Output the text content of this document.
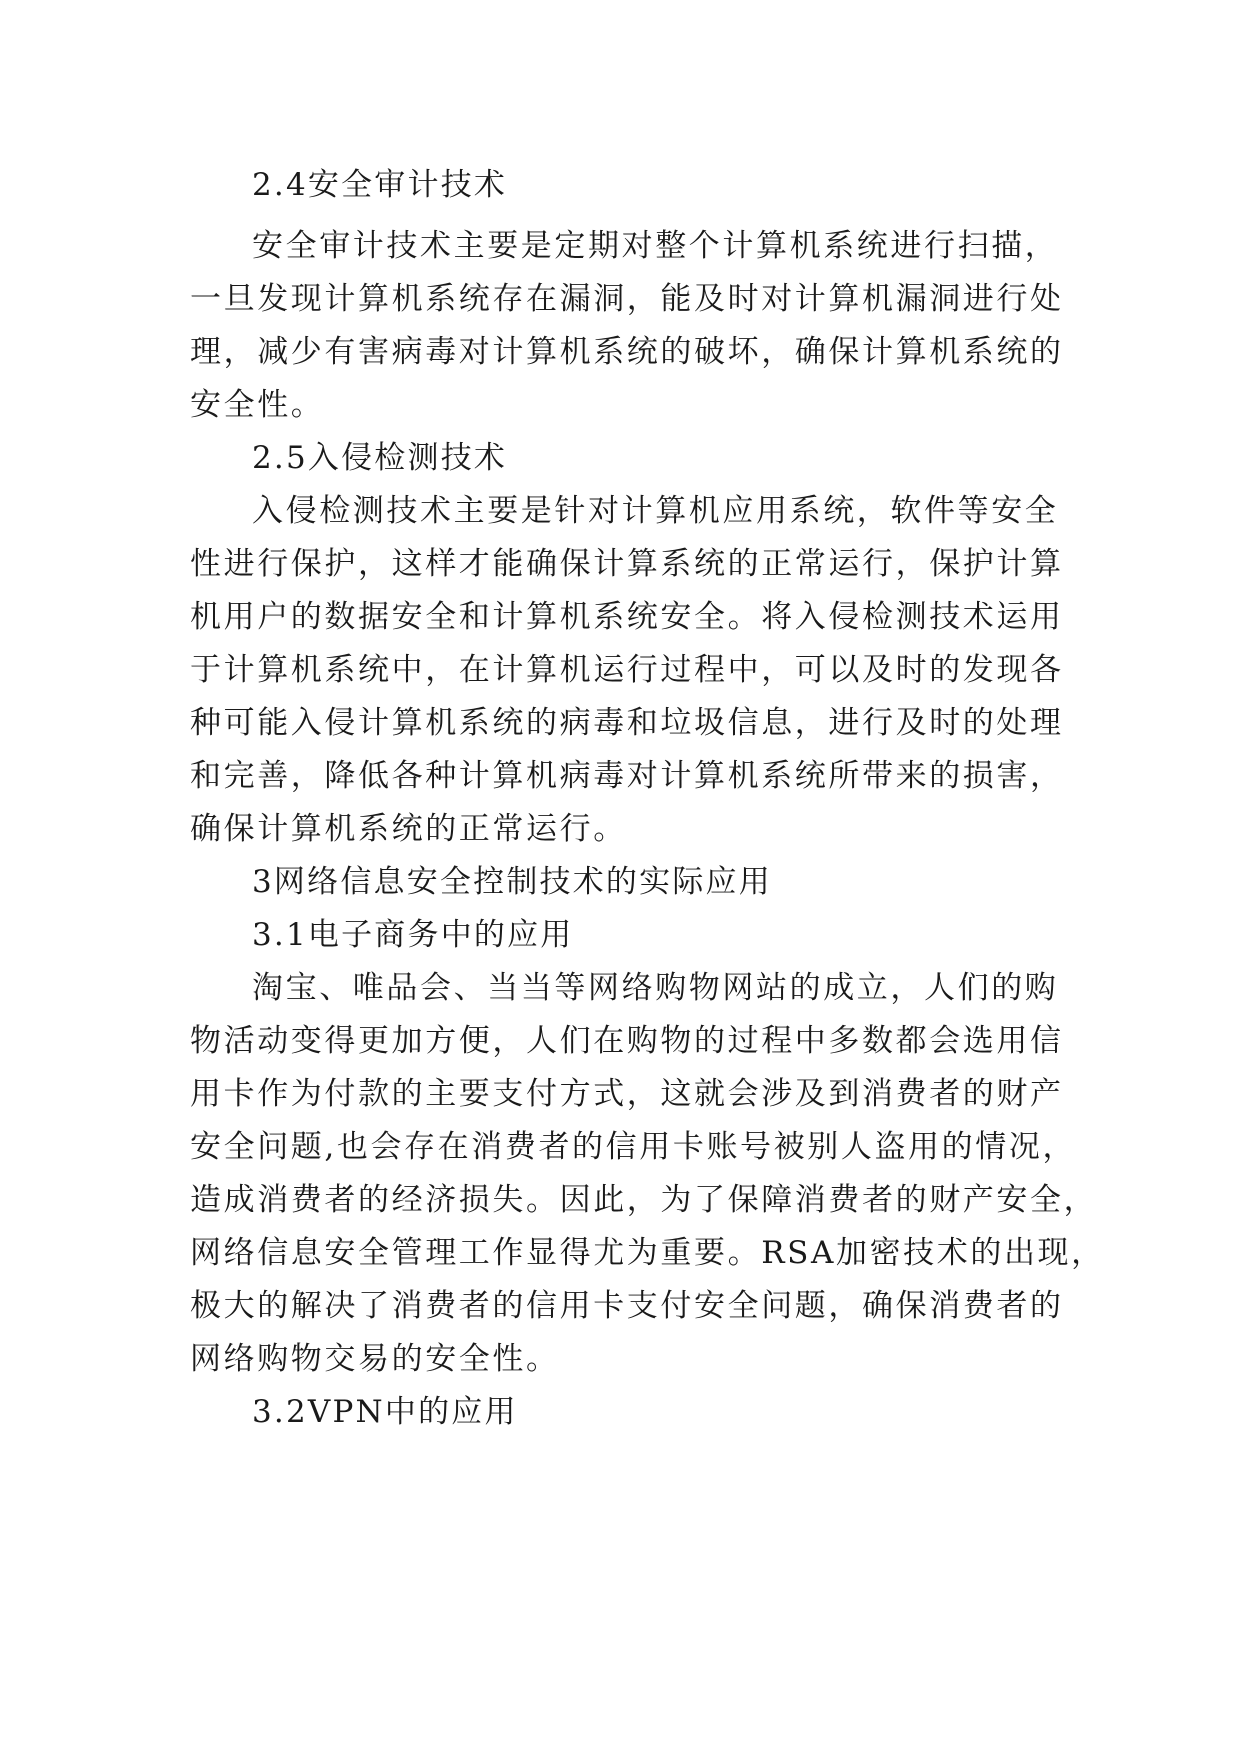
2.4安全审计技术
安全审计技术主要是定期对整个计算机系统进行扫描，
一旦发现计算机系统存在漏洞，能及时对计算机漏洞进行处
理，减少有害病毒对计算机系统的破坏，确保计算机系统的
安全性。
2.5入侵检测技术
入侵检测技术主要是针对计算机应用系统，软件等安全
性进行保护，这样才能确保计算系统的正常运行，保护计算
机用户的数据安全和计算机系统安全。将入侵检测技术运用
于计算机系统中，在计算机运行过程中，可以及时的发现各
种可能入侵计算机系统的病毒和垃圾信息，进行及时的处理
和完善，降低各种计算机病毒对计算机系统所带来的损害，
确保计算机系统的正常运行。
3网络信息安全控制技术的实际应用
3.1电子商务中的应用
淘宝、唯品会、当当等网络购物网站的成立，人们的购
物活动变得更加方便，人们在购物的过程中多数都会选用信
用卡作为付款的主要支付方式，这就会涉及到消费者的财产
安全问题,也会存在消费者的信用卡账号被别人盗用的情况，
造成消费者的经济损失。因此，为了保障消费者的财产安全，
网络信息安全管理工作显得尤为重要。RSA加密技术的出现，
极大的解决了消费者的信用卡支付安全问题，确保消费者的
网络购物交易的安全性。
3.2VPN中的应用
